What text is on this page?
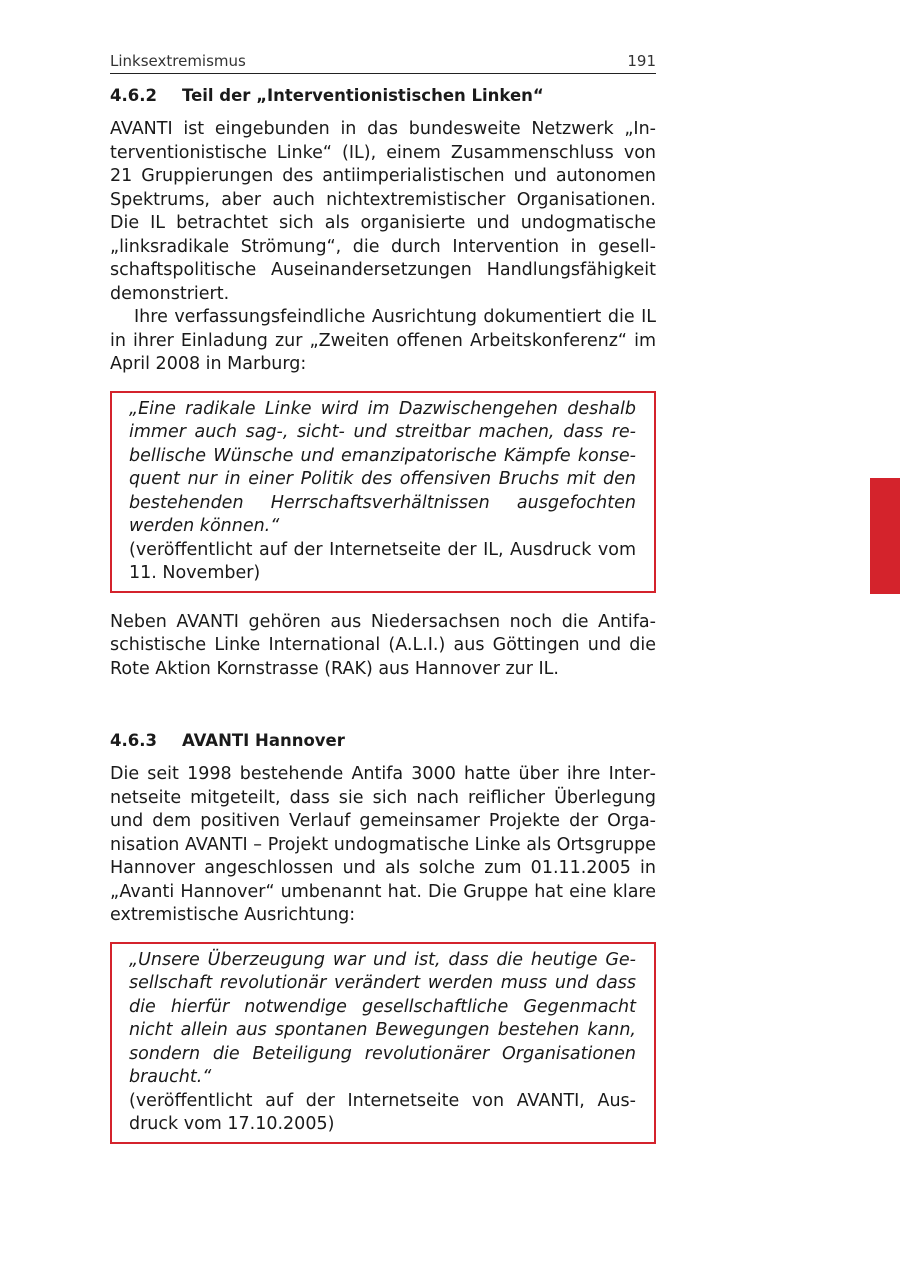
Linksextremismus	191
4.6.2	Teil der „Interventionistischen Linken“

AVANTI ist eingebunden in das bundesweite Netzwerk „Interventionistische Linke“ (IL), einem Zusammenschluss von 21 Gruppierungen des antiimperialistischen und autonomen Spektrums, aber auch nichtextremistischer Organisationen. Die IL betrachtet sich als organisierte und undogmatische „linksradikale Strömung“, die durch Intervention in gesellschaftspolitische Auseinandersetzungen Handlungsfähigkeit demonstriert.

Ihre verfassungsfeindliche Ausrichtung dokumentiert die IL in ihrer Einladung zur „Zweiten offenen Arbeitskonferenz“ im April 2008 in Marburg:

„Eine radikale Linke wird im Dazwischengehen deshalb immer auch sag-, sicht- und streitbar machen, dass rebellische Wünsche und emanzipatorische Kämpfe konsequent nur in einer Politik des offensiven Bruchs mit den bestehenden Herrschaftsverhältnissen ausgefochten werden können.“

(veröffentlicht auf der Internetseite der IL, Ausdruck vom 11. November)

Neben AVANTI gehören aus Niedersachsen noch die Antifaschistische Linke International (A.L.I.) aus Göttingen und die Rote Aktion Kornstrasse (RAK) aus Hannover zur IL.

4.6.3	AVANTI Hannover

Die seit 1998 bestehende Antifa 3000 hatte über ihre Internetseite mitgeteilt, dass sie sich nach reiflicher Überlegung und dem positiven Verlauf gemeinsamer Projekte der Organisation AVANTI – Projekt undogmatische Linke als Ortsgruppe Hannover angeschlossen und als solche zum 01.11.2005 in „Avanti Hannover“ umbenannt hat. Die Gruppe hat eine klare extremistische Ausrichtung:

„Unsere Überzeugung war und ist, dass die heutige Gesellschaft revolutionär verändert werden muss und dass die hierfür notwendige gesellschaftliche Gegenmacht nicht allein aus spontanen Bewegungen bestehen kann, sondern die Beteiligung revolutionärer Organisationen braucht.“

(veröffentlicht auf der Internetseite von AVANTI, Ausdruck vom 17.10.2005)
